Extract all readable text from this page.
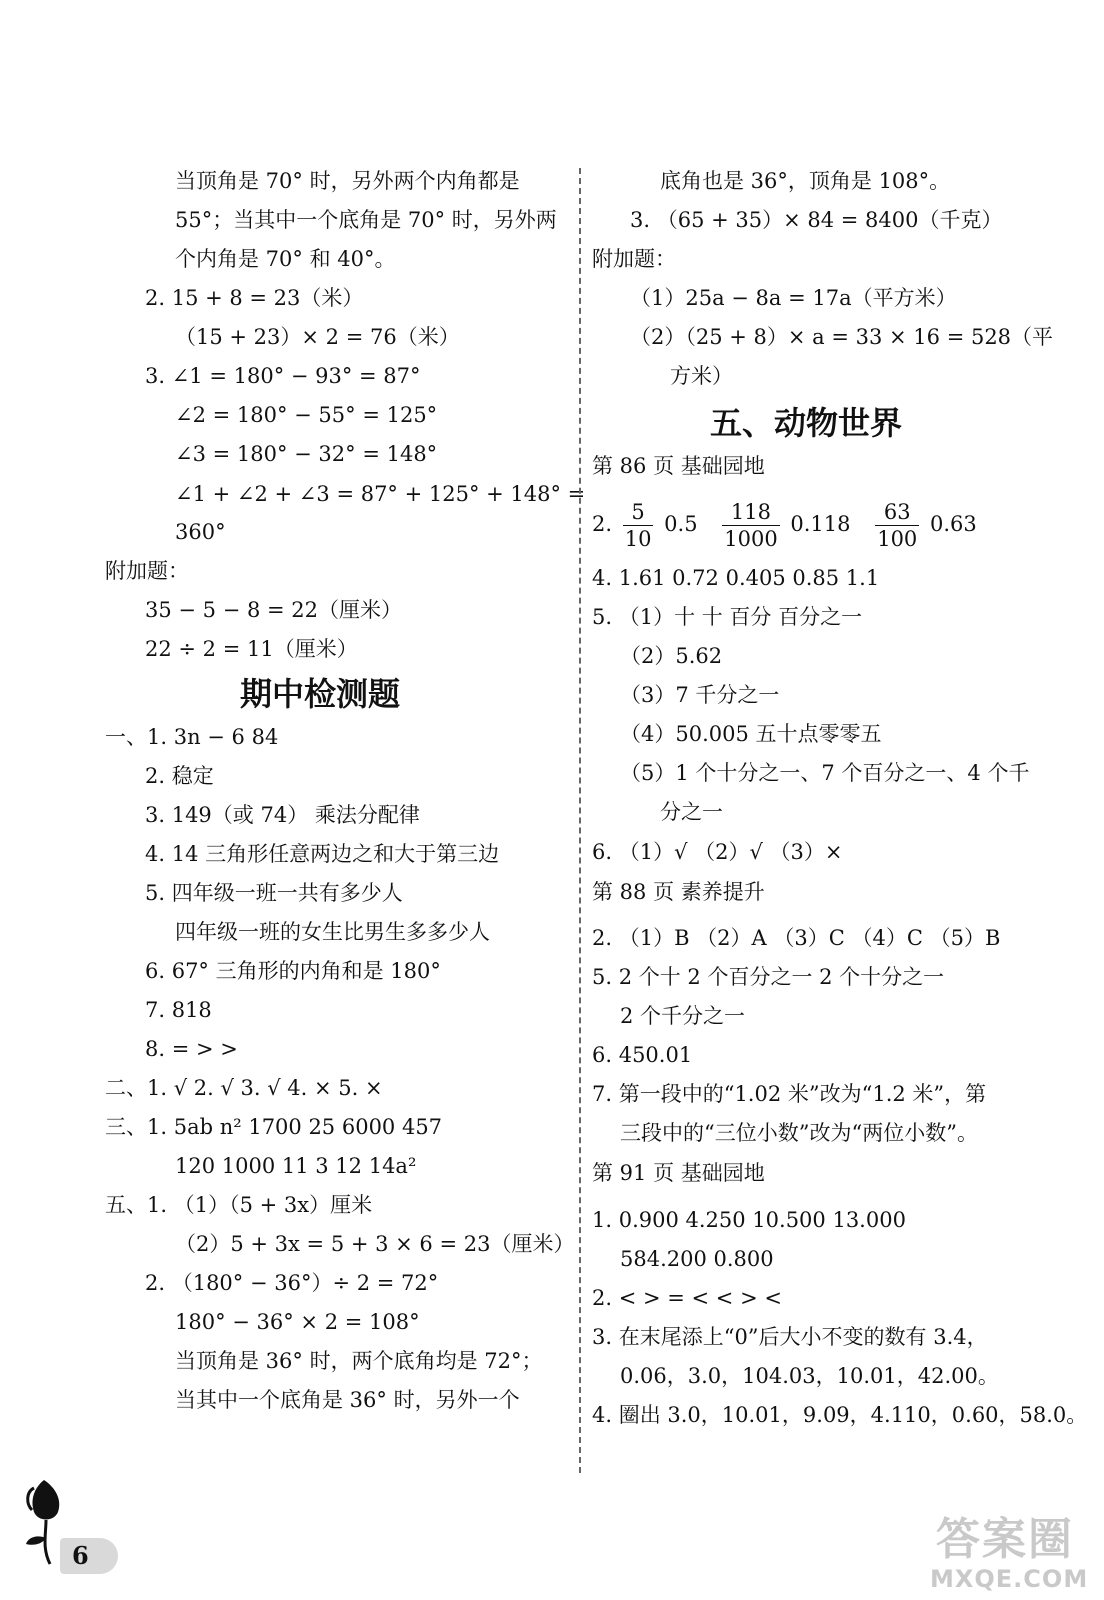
当顶角是 70° 时，另外两个内角都是
55°；当其中一个底角是 70° 时，另外两
个内角是 70° 和 40°。
2. 15 + 8 = 23（米）
（15 + 23）× 2 = 76（米）
3. ∠1 = 180° − 93° = 87°
∠2 = 180° − 55° = 125°
∠3 = 180° − 32° = 148°
∠1 + ∠2 + ∠3 = 87° + 125° + 148° =
360°
附加题：
35 − 5 − 8 = 22（厘米）
22 ÷ 2 = 11（厘米）
期中检测题
一、1. 3n − 6 84
2. 稳定
3. 149（或 74） 乘法分配律
4. 14 三角形任意两边之和大于第三边
5. 四年级一班一共有多少人
四年级一班的女生比男生多多少人
6. 67° 三角形的内角和是 180°
7. 818
8. = > >
二、1. √ 2. √ 3. √ 4. × 5. ×
三、1. 5ab n² 1700 25 6000 457
120 1000 11 3 12 14a²
五、1. （1）（5 + 3x）厘米
（2）5 + 3x = 5 + 3 × 6 = 23（厘米）
2. （180° − 36°）÷ 2 = 72°
180° − 36° × 2 = 108°
当顶角是 36° 时，两个底角均是 72°；
当其中一个底角是 36° 时，另外一个
底角也是 36°，顶角是 108°。
3. （65 + 35）× 84 = 8400（千克）
附加题：
（1）25a − 8a = 17a（平方米）
（2）（25 + 8）× a = 33 × 16 = 528（平
方米）
五、动物世界
第 86 页 基础园地
2. $\frac{5}{10} 0.5 \frac{118}{1000} 0.118 \frac{63}{100} 0.63$
4. 1.61 0.72 0.405 0.85 1.1
5. （1）十 十 百分 百分之一
（2）5.62
（3）7 千分之一
（4）50.005 五十点零零五
（5）1 个十分之一、7 个百分之一、4 个千
分之一
6. （1）√ （2）√ （3）×
第 88 页 素养提升
2. （1）B （2）A （3）C （4）C （5）B
5. 2 个十 2 个百分之一 2 个十分之一
2 个千分之一
6. 450.01
7. 第一段中的“1.02 米”改为“1.2 米”，第
三段中的“三位小数”改为“两位小数”。
第 91 页 基础园地
1. 0.900 4.250 10.500 13.000
584.200 0.800
2. < > = < < > <
3. 在末尾添上“0”后大小不变的数有 3.4，
0.06，3.0，104.03，10.01，42.00。
4. 圈出 3.0，10.01，9.09，4.110，0.60，58.0。
6	答案圈
MXQE.COM
